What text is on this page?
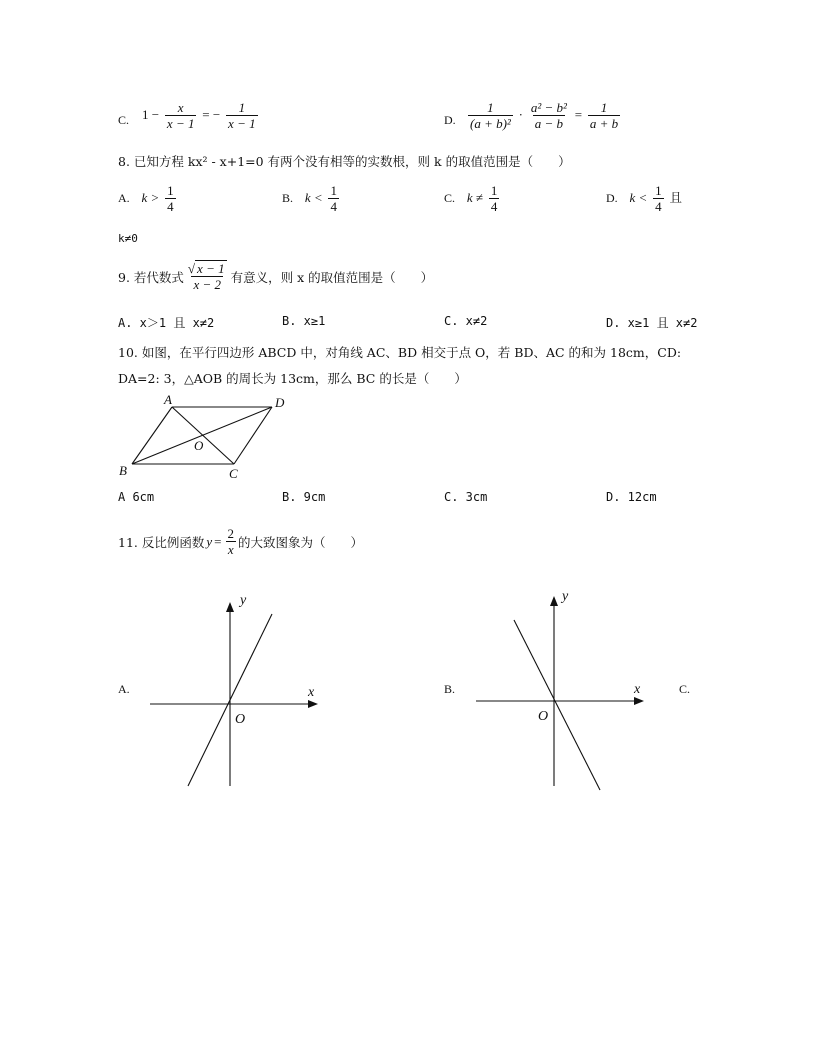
C. $1 - \frac{x}{x - 1}$ = − $\frac{1}{x - 1}$	D. $\frac{1}{\text{(a + b)²}} \cdot \frac{\text{a² − b²}}{a - b} = \frac{1}{a + b}$
8. 已知方程 kx² - x+1=0 有两个没有相等的实数根，则 k 的取值范围是（　　）
A. $k > \frac{1}{4}$	B. $k < \frac{1}{4}$	C. $k \ne \frac{1}{4}$	D. $k < \frac{1}{4}$ 且
k≠0
9. 若代数式 $\frac{√ x - 1}{x - 2}$ 有意义，则 x 的取值范围是（　　）
A. x＞1 且 x≠2	B. x≥1	C. x≠2	D. x≥1 且 x≠2
10. 如图，在平行四边形 ABCD 中，对角线 AC、BD 相交于点 O，若 BD、AC 的和为 18cm，CD:
DA=2: 3，△AOB 的周长为 13cm，那么 BC 的长是（　　）
A	D
B	C
O
A 6cm	B. 9cm	C. 3cm	D. 12cm
11. 反比例函数 $y = \frac{2}{x}$ 的大致图象为（　　）
A.
y
x
O
B.
y
x
O
C.
